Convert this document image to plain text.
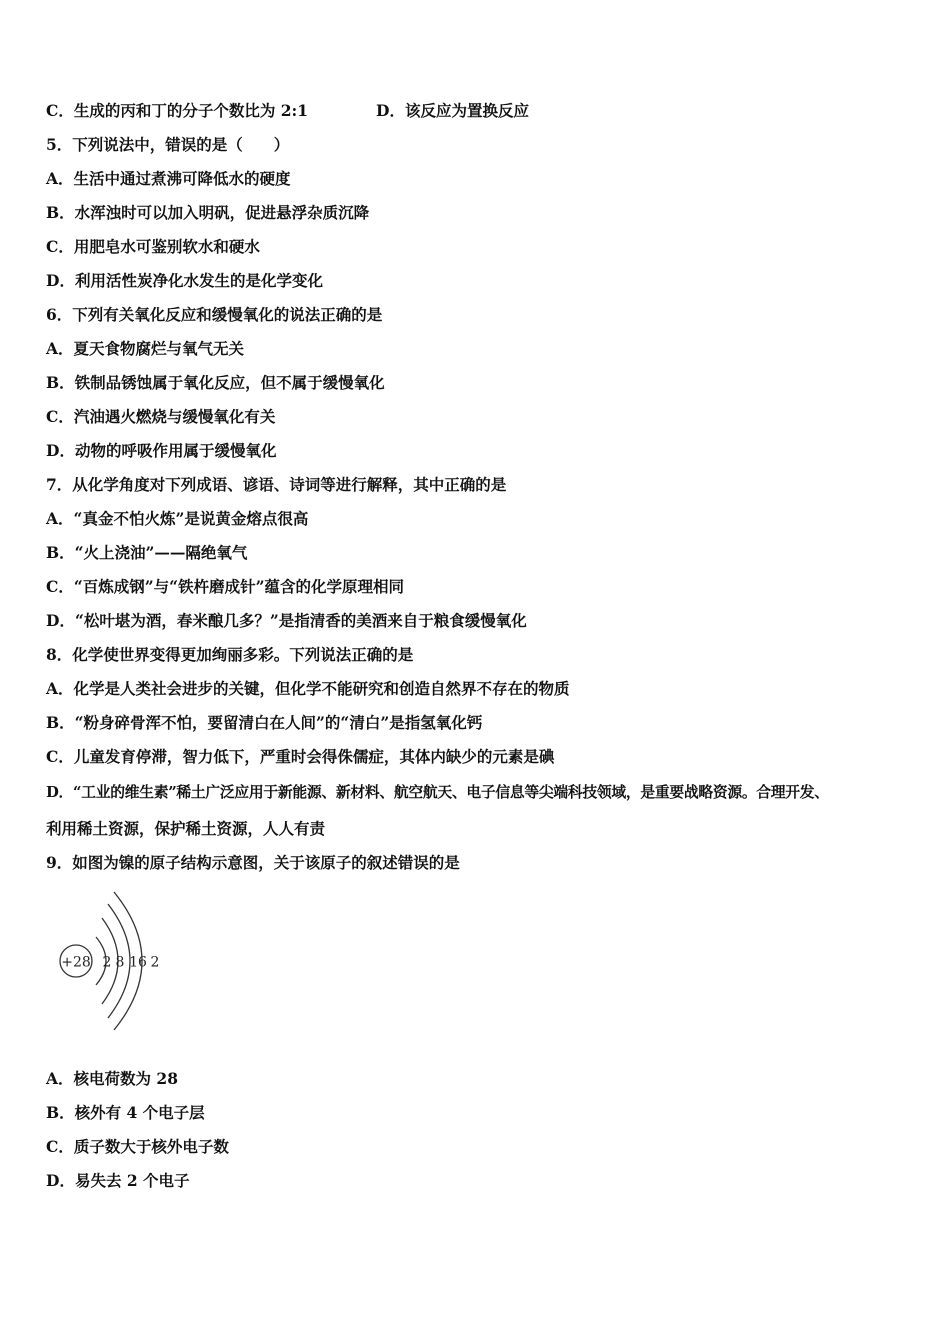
C．生成的丙和丁的分子个数比为 2:1	D．该反应为置换反应
5．下列说法中，错误的是（　　）
A．生活中通过煮沸可降低水的硬度
B．水浑浊时可以加入明矾，促进悬浮杂质沉降
C．用肥皂水可鉴别软水和硬水
D．利用活性炭净化水发生的是化学变化
6．下列有关氧化反应和缓慢氧化的说法正确的是
A．夏天食物腐烂与氧气无关
B．铁制品锈蚀属于氧化反应，但不属于缓慢氧化
C．汽油遇火燃烧与缓慢氧化有关
D．动物的呼吸作用属于缓慢氧化
7．从化学角度对下列成语、谚语、诗词等进行解释，其中正确的是
A．“真金不怕火炼”是说黄金熔点很高
B．“火上浇油”——隔绝氧气
C．“百炼成钢”与“铁杵磨成针”蕴含的化学原理相同
D．“松叶堪为酒，春米酿几多？”是指清香的美酒来自于粮食缓慢氧化
8．化学使世界变得更加绚丽多彩。下列说法正确的是
A．化学是人类社会进步的关键，但化学不能研究和创造自然界不存在的物质
B．“粉身碎骨浑不怕，要留清白在人间”的“清白”是指氢氧化钙
C．儿童发育停滞，智力低下，严重时会得侏儒症，其体内缺少的元素是碘
D．“工业的维生素”稀土广泛应用于新能源、新材料、航空航天、电子信息等尖端科技领域，是重要战略资源。合理开发、
利用稀土资源，保护稀土资源，人人有责
9．如图为镍的原子结构示意图，关于该原子的叙述错误的是
+28 2 8 16 2
A．核电荷数为 28
B．核外有 4 个电子层
C．质子数大于核外电子数
D．易失去 2 个电子
